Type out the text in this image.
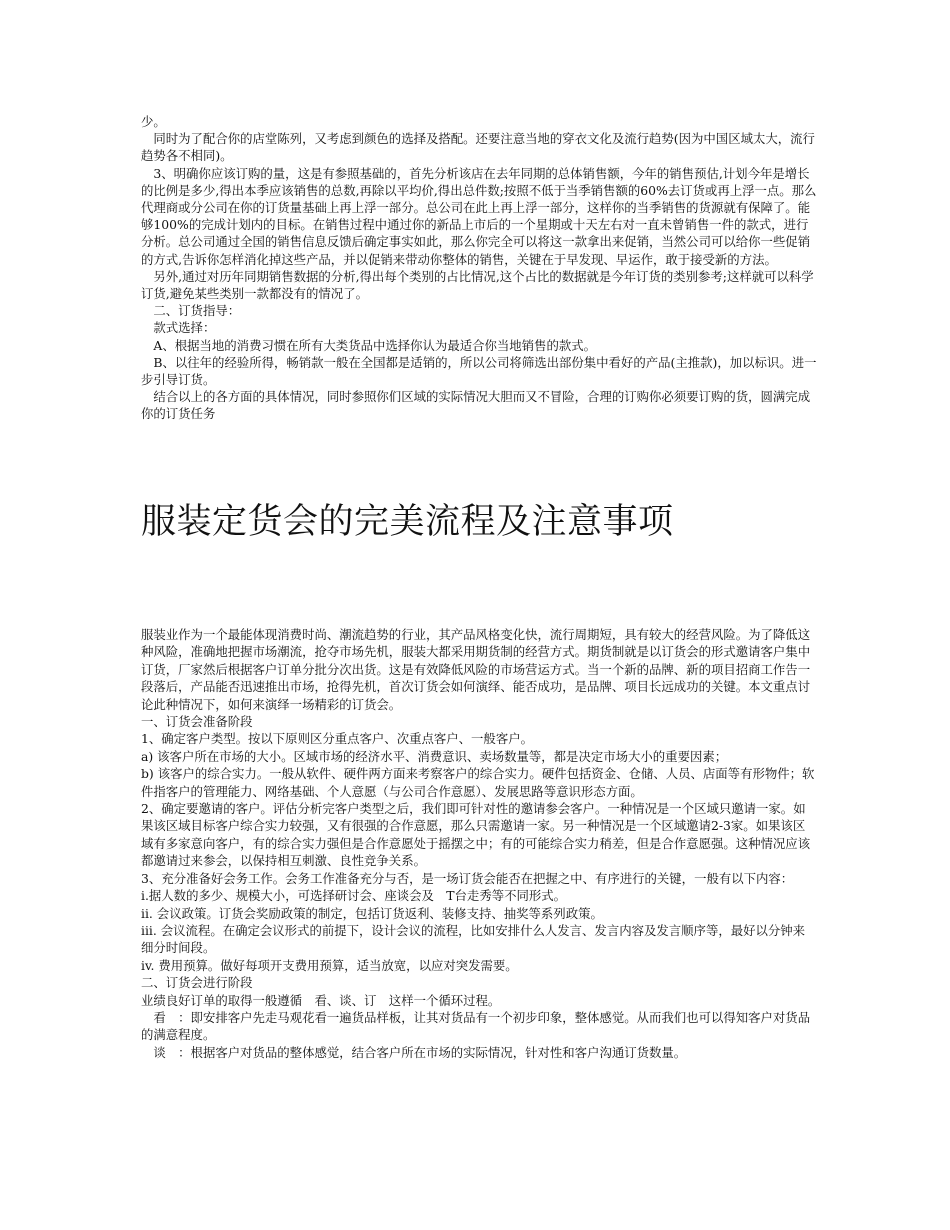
少。

　同时为了配合你的店堂陈列，又考虑到颜色的选择及搭配。还要注意当地的穿衣文化及流行趋势(因为中国区域太大，流行趋势各不相同)。

　3、明确你应该订购的量，这是有参照基础的，首先分析该店在去年同期的总体销售额，今年的销售预估,计划今年是增长的比例是多少,得出本季应该销售的总数,再除以平均价,得出总件数;按照不低于当季销售额的60%去订货或再上浮一点。那么代理商或分公司在你的订货量基础上再上浮一部分。总公司在此上再上浮一部分，这样你的当季销售的货源就有保障了。能够100%的完成计划内的目标。在销售过程中通过你的新品上市后的一个星期或十天左右对一直未曾销售一件的款式，进行分析。总公司通过全国的销售信息反馈后确定事实如此，那么你完全可以将这一款拿出来促销，当然公司可以给你一些促销的方式,告诉你怎样消化掉这些产品，并以促销来带动你整体的销售，关键在于早发现、早运作，敢于接受新的方法。

　另外,通过对历年同期销售数据的分析,得出每个类别的占比情况,这个占比的数据就是今年订货的类别参考;这样就可以科学订货,避免某些类别一款都没有的情况了。

　二、订货指导：

　款式选择：

　A、根据当地的消费习惯在所有大类货品中选择你认为最适合你当地销售的款式。

　B、以往年的经验所得，畅销款一般在全国都是适销的，所以公司将筛选出部份集中看好的产品(主推款)，加以标识。进一步引导订货。

　结合以上的各方面的具体情况，同时参照你们区域的实际情况大胆而又不冒险，合理的订购你必须要订购的货，圆满完成你的订货任务

服装定货会的完美流程及注意事项

服装业作为一个最能体现消费时尚、潮流趋势的行业，其产品风格变化快，流行周期短，具有较大的经营风险。为了降低这种风险，准确地把握市场潮流，抢夺市场先机，服装大都采用期货制的经营方式。期货制就是以订货会的形式邀请客户集中订货，厂家然后根据客户订单分批分次出货。这是有效降低风险的市场营运方式。当一个新的品牌、新的项目招商工作告一段落后，产品能否迅速推出市场，抢得先机，首次订货会如何演绎、能否成功，是品牌、项目长远成功的关键。本文重点讨论此种情况下，如何来演绎一场精彩的订货会。

一、订货会准备阶段

1、确定客户类型。按以下原则区分重点客户、次重点客户、一般客户。

a) 该客户所在市场的大小。区域市场的经济水平、消费意识、卖场数量等，都是决定市场大小的重要因素；

b) 该客户的综合实力。一般从软件、硬件两方面来考察客户的综合实力。硬件包括资金、仓储、人员、店面等有形物件；软件指客户的管理能力、网络基础、个人意愿（与公司合作意愿）、发展思路等意识形态方面。

2、确定要邀请的客户。评估分析完客户类型之后，我们即可针对性的邀请参会客户。一种情况是一个区域只邀请一家。如果该区域目标客户综合实力较强，又有很强的合作意愿，那么只需邀请一家。另一种情况是一个区域邀请2-3家。如果该区域有多家意向客户，有的综合实力强但是合作意愿处于摇摆之中；有的可能综合实力稍差，但是合作意愿强。这种情况应该都邀请过来参会，以保持相互刺激、良性竞争关系。

3、充分准备好会务工作。会务工作准备充分与否，是一场订货会能否在把握之中、有序进行的关键，一般有以下内容：

i.据人数的多少、规模大小，可选择研讨会、座谈会及　T台走秀等不同形式。

ii. 会议政策。订货会奖励政策的制定，包括订货返利、装修支持、抽奖等系列政策。

iii. 会议流程。在确定会议形式的前提下，设计会议的流程，比如安排什么人发言、发言内容及发言顺序等，最好以分钟来细分时间段。

iv. 费用预算。做好每项开支费用预算，适当放宽，以应对突发需要。

二、订货会进行阶段

业绩良好订单的取得一般遵循　看、谈、订　这样一个循环过程。

　看　：即安排客户先走马观花看一遍货品样板，让其对货品有一个初步印象，整体感觉。从而我们也可以得知客户对货品的满意程度。

　谈　：根据客户对货品的整体感觉，结合客户所在市场的实际情况，针对性和客户沟通订货数量。
